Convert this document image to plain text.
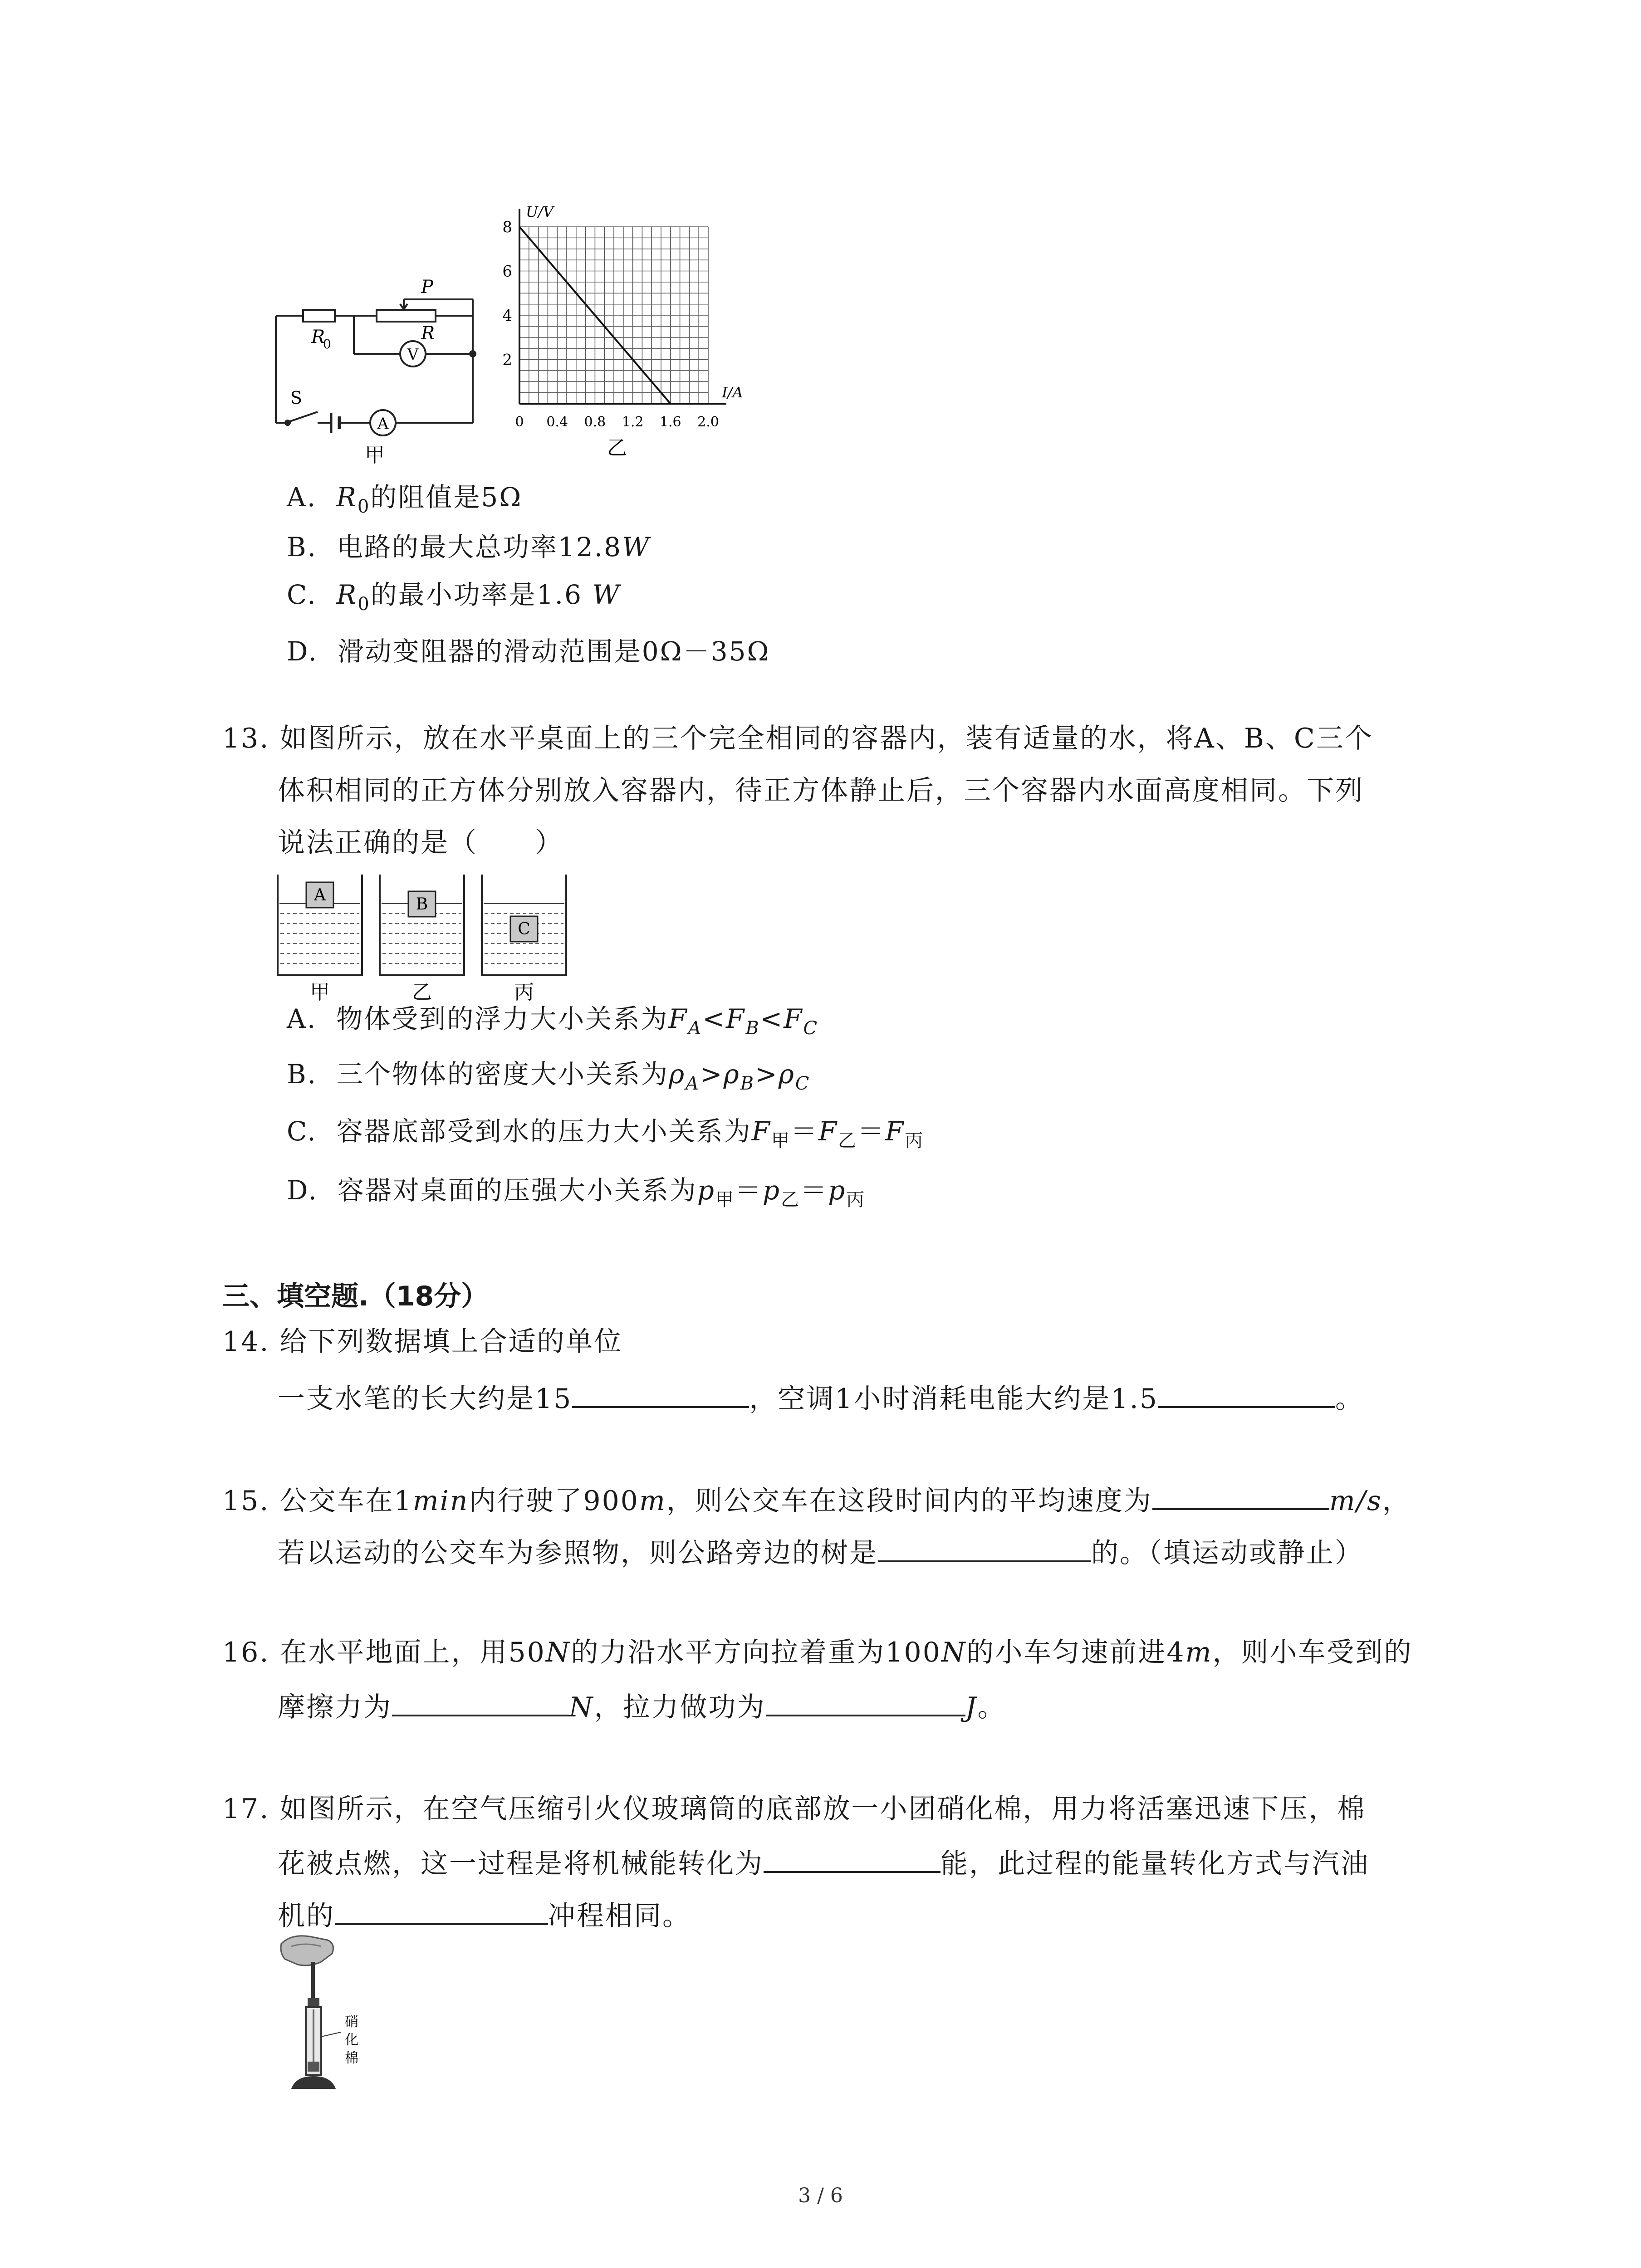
R
0
P
R
V
A
S
甲
8
6
4
2
0 0.4 0.8 1.2 1.6 2.0
U/V
I/A
乙
A. $R_0$的阻值是5Ω
B. 电路的最大总功率12.8W
C. $R_0$的最小功率是1.6 W
D. 滑动变阻器的滑动范围是0Ω－35Ω
13. 如图所示，放在水平桌面上的三个完全相同的容器内，装有适量的水，将A、B、C三个
体积相同的正方体分别放入容器内，待正方体静止后，三个容器内水面高度相同。下列
说法正确的是（　　）
A
甲
B
乙
C
丙
A. 物体受到的浮力大小关系为$F_A<F_B<F_C$
B. 三个物体的密度大小关系为$\rho_A>\rho_B>\rho_C$
C. 容器底部受到水的压力大小关系为$F_甲=F_乙=F_丙$
D. 容器对桌面的压强大小关系为$p_甲=p_乙=p_丙$
三、填空题.（18分）
14. 给下列数据填上合适的单位
一支水笔的长大约是15	，空调1小时消耗电能大约是1.5	。
15. 公交车在1min内行驶了900m，则公交车在这段时间内的平均速度为	m/s，
若以运动的公交车为参照物，则公路旁边的树是	的。（填运动或静止）
16. 在水平地面上，用50N的力沿水平方向拉着重为100N的小车匀速前进4m，则小车受到的
摩擦力为	N，拉力做功为	J。
17. 如图所示，在空气压缩引火仪玻璃筒的底部放一小团硝化棉，用力将活塞迅速下压，棉
花被点燃，这一过程是将机械能转化为	能，此过程的能量转化方式与汽油
机的	冲程相同。
硝
化
棉
3 / 6
